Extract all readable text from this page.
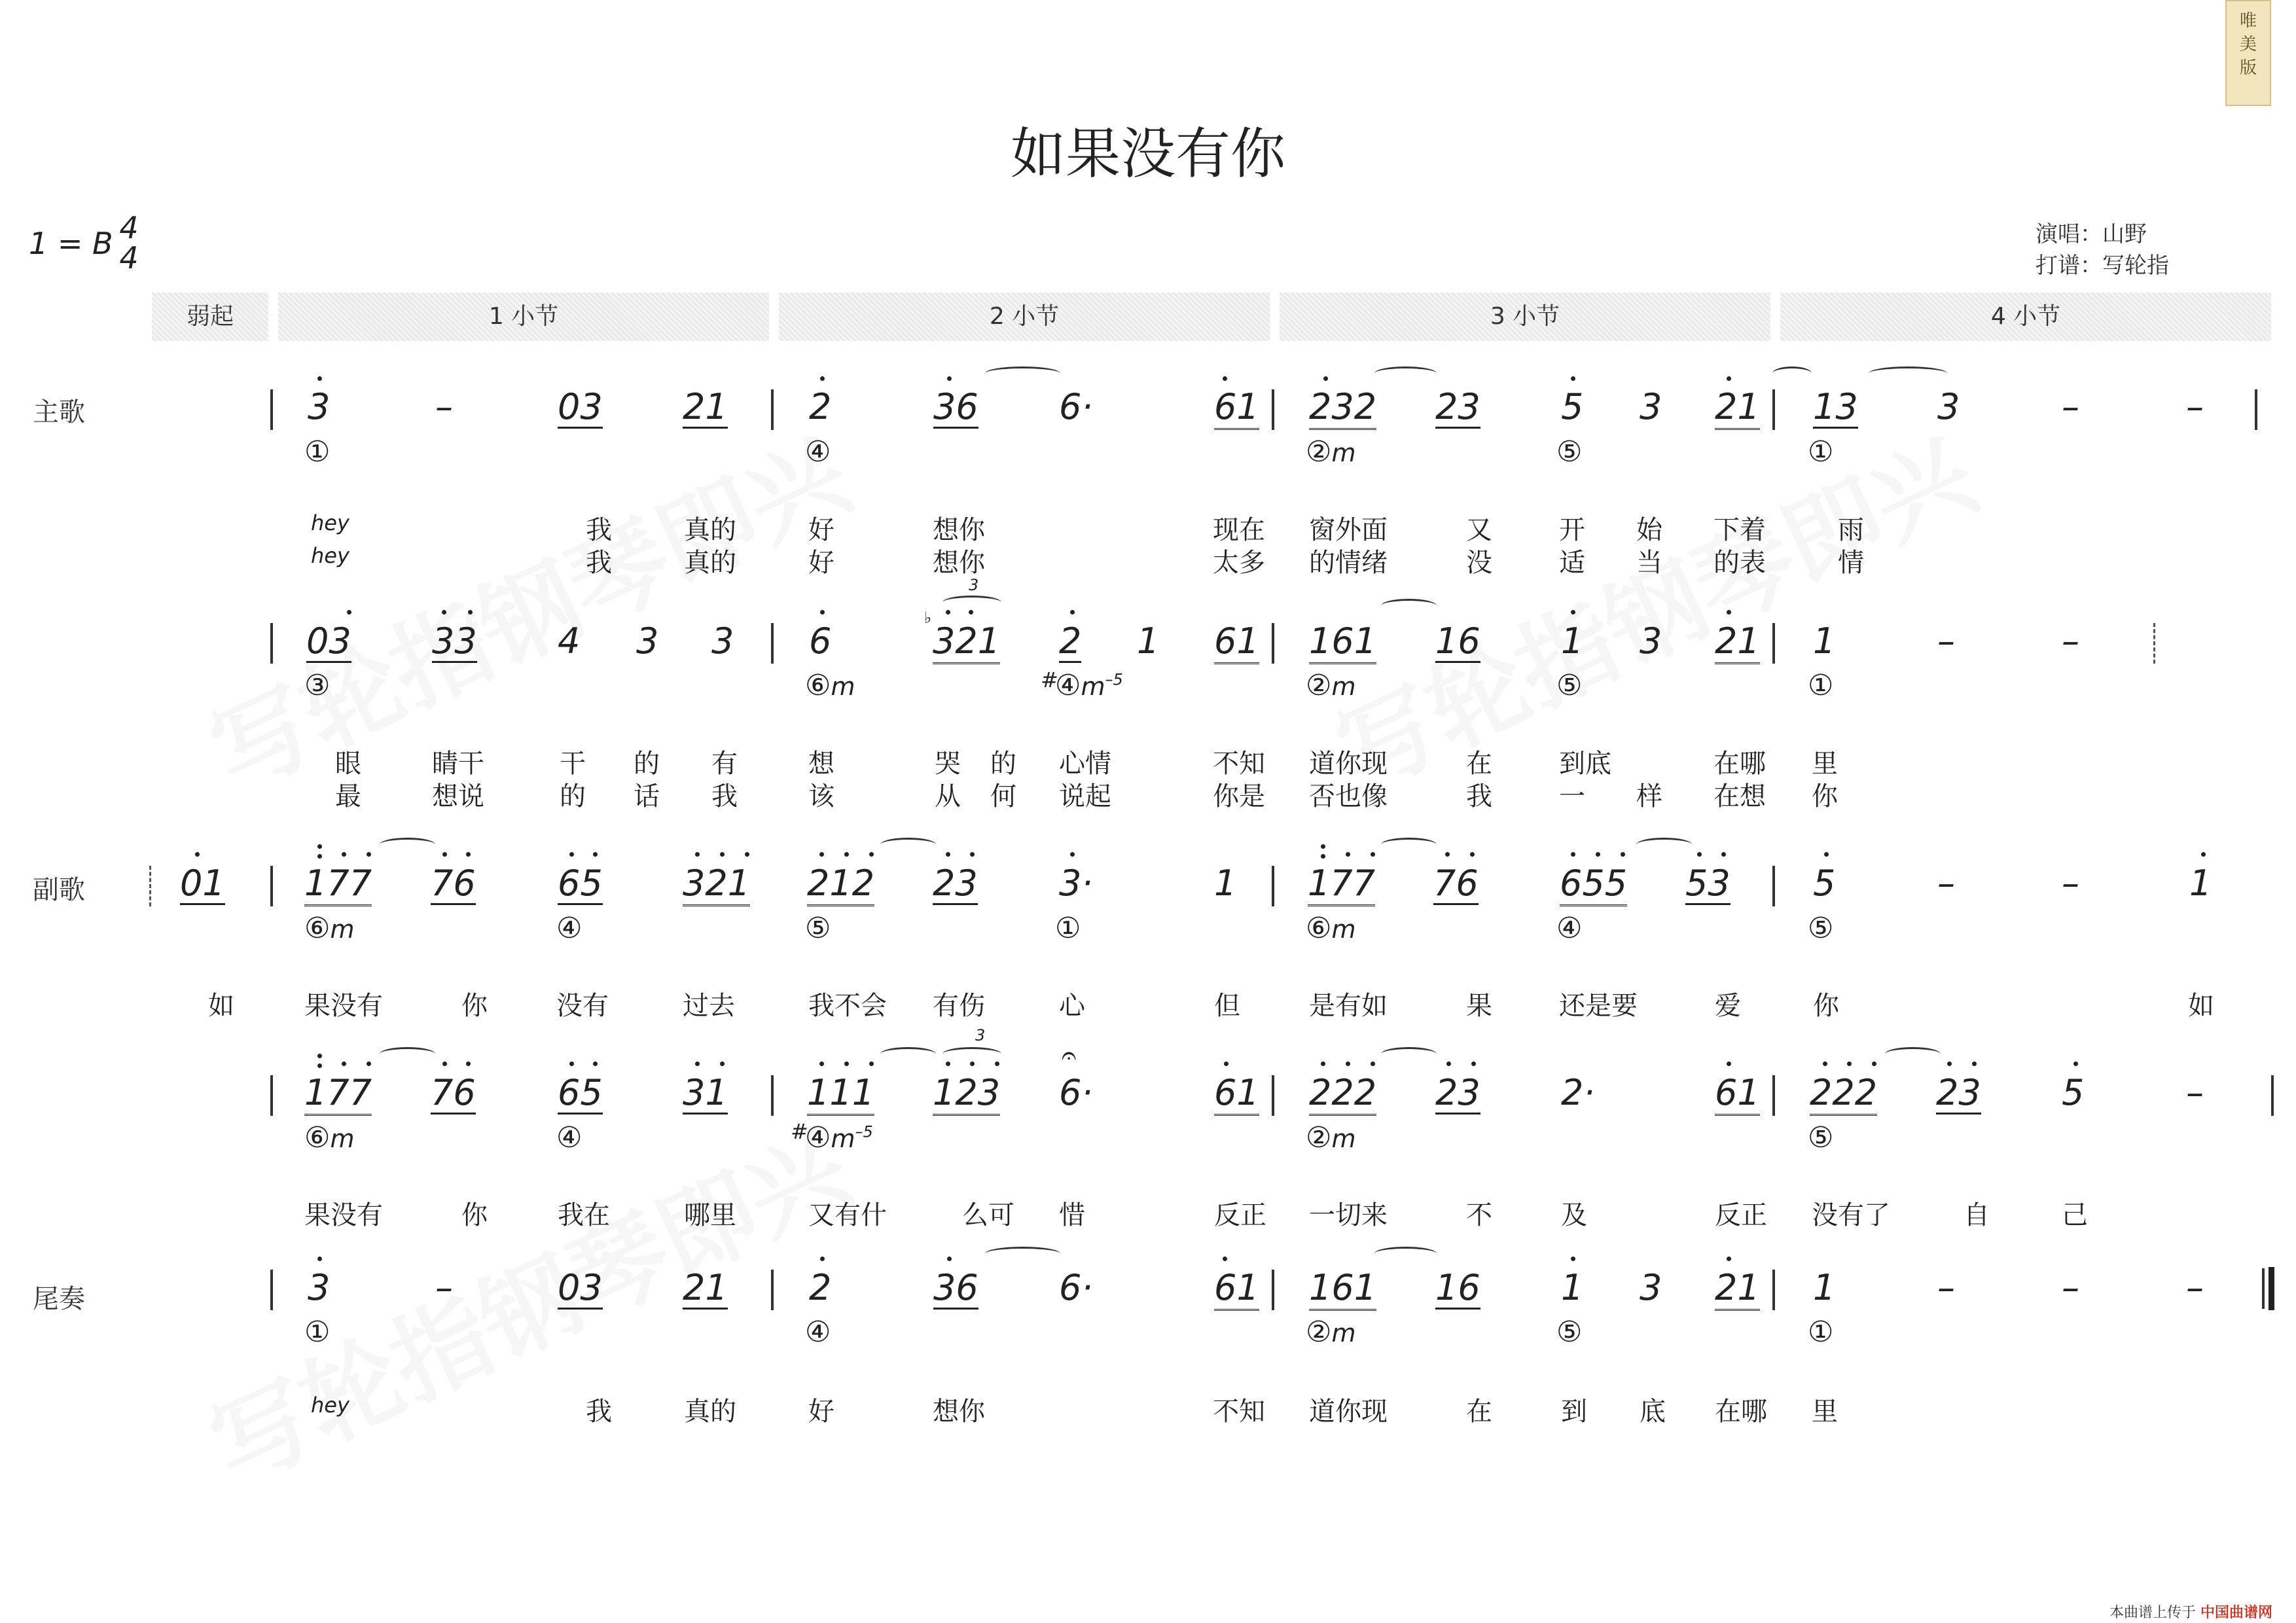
唯
美
版
如果没有你
1 = B 4
4
演唱：山野
打谱：写轮指
弱起	1 小节	2 小节	3 小节	4 小节
主歌
副歌
尾奏
3	–	03 21 2	36 6·	61 232 23 5 3 21 13 3	–	–
①	④	②m	⑤	①
hey	我	真的	好	想你	现在 窗外面	又	开 始 下着	雨
hey	我	真的	好	想你	太多 的情绪	没	适 当 的表	情
03 33 4 3 3 6	321 2 1 61 161 16 1 3 21 1	–	–
♭
3
③	⑥m	#
$④m^{-5}$	②m	⑤	①
眼	睛干	干 的 有	想	哭 的 心情	不知 道你现	在	到底	在哪 里
最	想说	的 话 我	该	从 何 说起	你是 否也像	我	一 样 在想 你
01 177 76 65 321 212 23 3·	1 177 76 655 53 5	–	–	1
⑥m	④	⑤	①	⑥m	④	⑤
如	果没有	你	没有	过去	我不会 有伤	心	但	是有如	果	还是要	爱	你	如
177 76 65 31 111 123 6·	61 222 23 2·	61 222 23 5	–
3
𝄐
⑥m	④	#
$④m^{-5}$	②m	⑤
果没有	你	我在	哪里	又有什	么可 惜	反正 一切来	不	及	反正 没有了	自	己
3	–	03 21 2	36 6·	61 161 16 1 3 21 1	–	–	–
①	④	②m	⑤	①
hey	我	真的	好	想你	不知 道你现	在	到 底 在哪 里
本曲谱上传于 中国曲谱网
